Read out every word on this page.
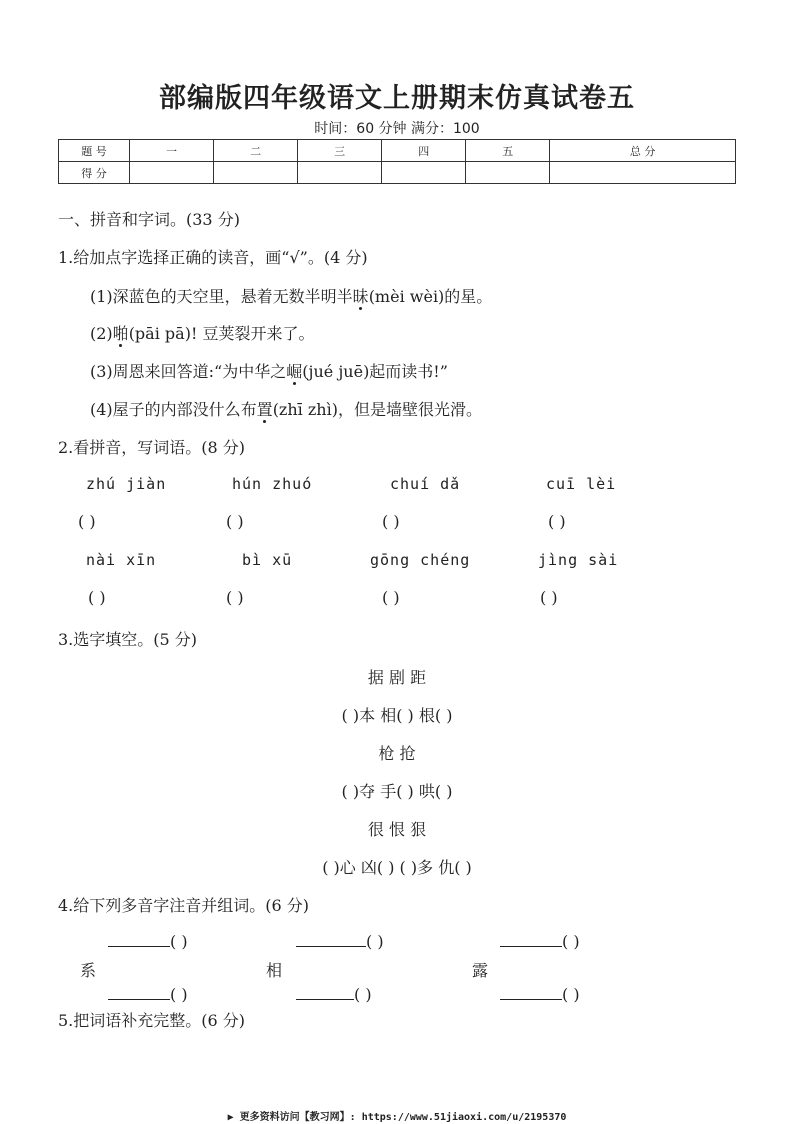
部编版四年级语文上册期末仿真试卷五
时间：60 分钟 满分：100
题 号	一	二	三	四	五	总 分
得 分						
一、拼音和字词。(33 分)
1.给加点字选择正确的读音，画“√”。(4 分)
(1)深蓝色的天空里，悬着无数半明半昧(mèi wèi)的星。
(2)啪(pāi pā)! 豆荚裂开来了。
(3)周恩来回答道:“为中华之崛(jué juē)起而读书!”
(4)屋子的内部没什么布置(zhī zhì)，但是墙壁很光滑。
2.看拼音，写词语。(8 分)
zhú jiàn	hún zhuó	chuí dǎ	cuī lèi
( )	( )	( )	( )
nài xīn	bì xū	gōng chéng	jìng sài
( )	( )	( )	( )
3.选字填空。(5 分)
据 剧 距
( )本 相( ) 根( )
枪 抢
( )夺 手( ) 哄( )
很 恨 狠
( )心 凶( ) ( )多 仇( )
4.给下列多音字注音并组词。(6 分)
( )	( )	( )
系	相	露
( )	( )	( )
5.把词语补充完整。(6 分)
▶ 更多资料访问【教习网】: https://www.51jiaoxi.com/u/2195370
